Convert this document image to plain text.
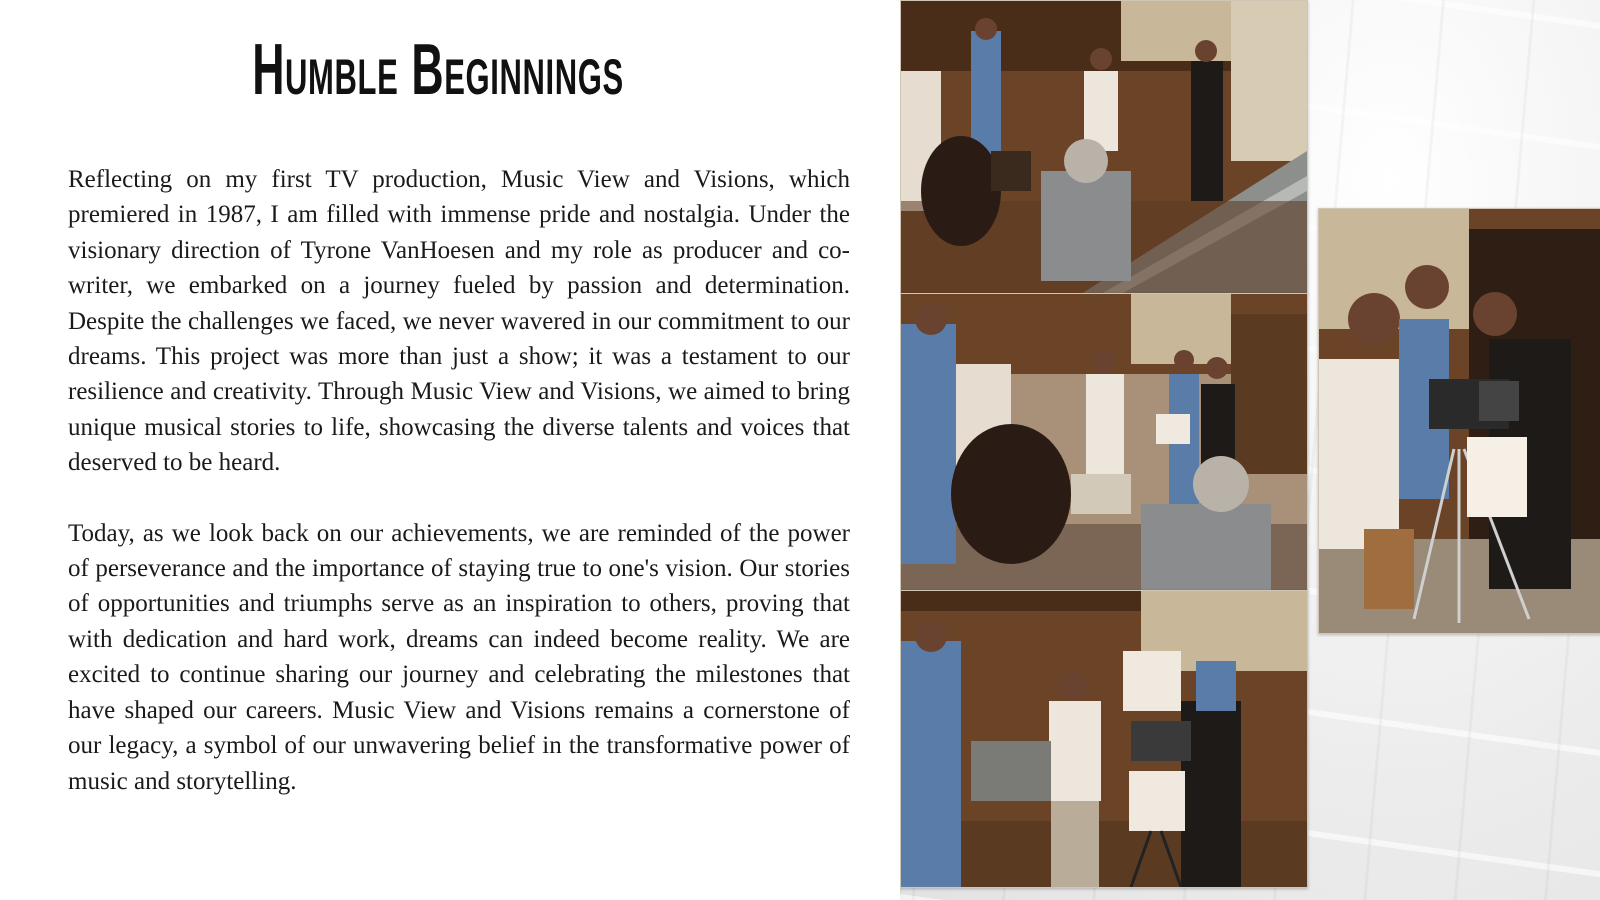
Humble Beginnings

Reflecting on my first TV production, Music View and Visions, which premiered in 1987, I am filled with immense pride and nostalgia. Under the visionary direction of Tyrone VanHoesen and my role as producer and co-writer, we embarked on a journey fueled by passion and determination. Despite the challenges we faced, we never wavered in our commitment to our dreams. This project was more than just a show; it was a testament to our resilience and creativity. Through Music View and Visions, we aimed to bring unique musical stories to life, showcasing the diverse talents and voices that deserved to be heard.

Today, as we look back on our achievements, we are reminded of the power of perseverance and the importance of staying true to one's vision. Our stories of opportunities and triumphs serve as an inspiration to others, proving that with dedication and hard work, dreams can indeed become reality. We are excited to continue sharing our journey and celebrating the milestones that have shaped our careers. Music View and Visions remains a cornerstone of our legacy, a symbol of our unwavering belief in the transformative power of music and storytelling.
